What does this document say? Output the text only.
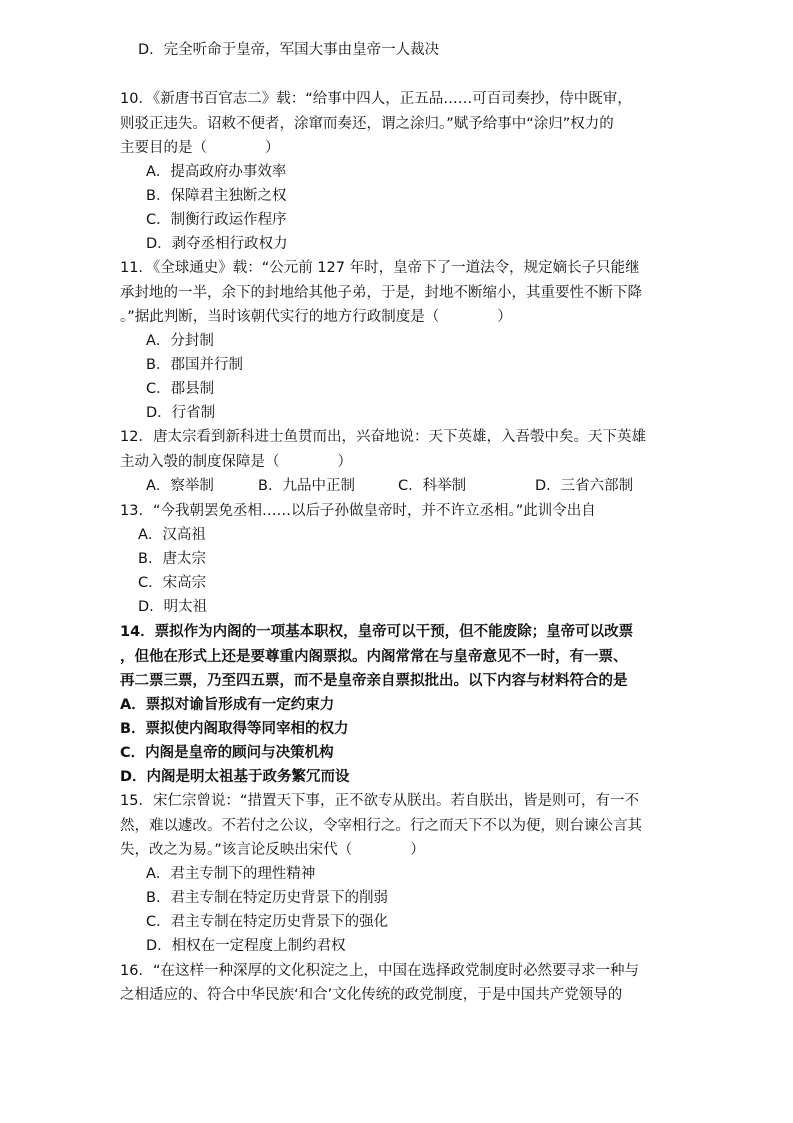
D．完全听命于皇帝，军国大事由皇帝一人裁决
10．《新唐书百官志二》载：“给事中四人，正五品……可百司奏抄，侍中既审，
则驳正违失。诏敕不便者，涂窜而奏还，谓之涂归。”赋予给事中“涂归”权力的
主要目的是（　　　　）
A．提高政府办事效率
B．保障君主独断之权
C．制衡行政运作程序
D．剥夺丞相行政权力
11．《全球通史》载：“公元前 127 年时，皇帝下了一道法令，规定嫡长子只能继
承封地的一半，余下的封地给其他子弟，于是，封地不断缩小，其重要性不断下降
。”据此判断，当时该朝代实行的地方行政制度是（　　　　）
A．分封制
B．郡国并行制
C．郡县制
D．行省制
12．唐太宗看到新科进士鱼贯而出，兴奋地说：天下英雄，入吾彀中矣。天下英雄
主动入彀的制度保障是（　　　　）
A．察举制	B．九品中正制	C．科举制	D．三省六部制
13．“今我朝罢免丞相……以后子孙做皇帝时，并不许立丞相。”此训令出自
A．汉高祖
B．唐太宗
C．宋高宗
D．明太祖
14．票拟作为内阁的一项基本职权，皇帝可以干预，但不能废除；皇帝可以改票
，但他在形式上还是要尊重内阁票拟。内阁常常在与皇帝意见不一时，有一票、
再二票三票，乃至四五票，而不是皇帝亲自票拟批出。以下内容与材料符合的是
A．票拟对谕旨形成有一定约束力
B．票拟使内阁取得等同宰相的权力
C．内阁是皇帝的顾问与决策机构
D．内阁是明太祖基于政务繁冗而设
15．宋仁宗曾说：“措置天下事，正不欲专从朕出。若自朕出，皆是则可，有一不
然，难以遽改。不若付之公议，令宰相行之。行之而天下不以为便，则台谏公言其
失，改之为易。”该言论反映出宋代（　　　　）
A．君主专制下的理性精神
B．君主专制在特定历史背景下的削弱
C．君主专制在特定历史背景下的强化
D．相权在一定程度上制约君权
16．“在这样一种深厚的文化积淀之上，中国在选择政党制度时必然要寻求一种与
之相适应的、符合中华民族‘和合’文化传统的政党制度，于是中国共产党领导的
